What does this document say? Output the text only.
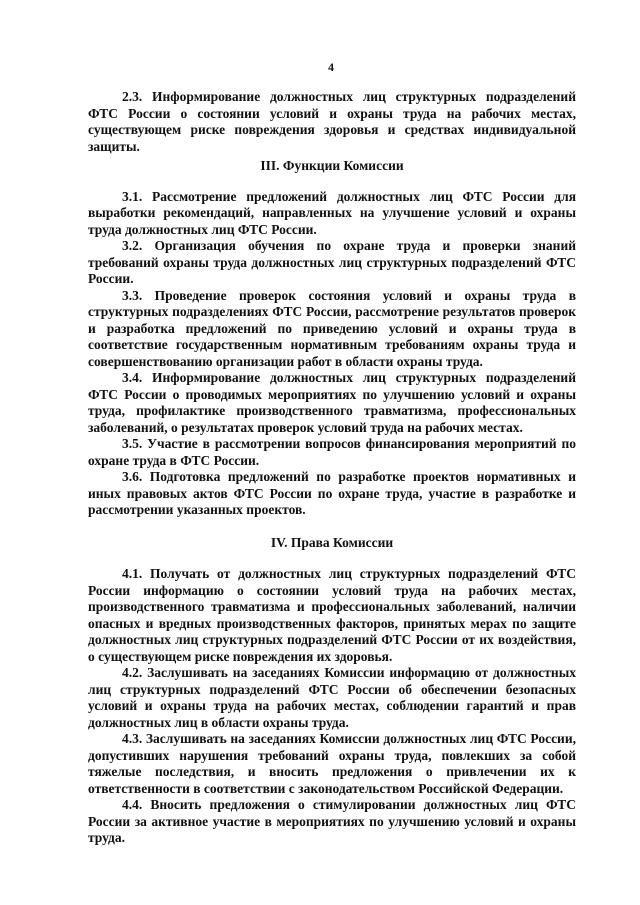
4

2.3. Информирование должностных лиц структурных подразделений ФТС России о состоянии условий и охраны труда на рабочих местах, существующем риске повреждения здоровья и средствах индивидуальной защиты.

III. Функции Комиссии

3.1. Рассмотрение предложений должностных лиц ФТС России для выработки рекомендаций, направленных на улучшение условий и охраны труда должностных лиц ФТС России.

3.2. Организация обучения по охране труда и проверки знаний требований охраны труда должностных лиц структурных подразделений ФТС России.

3.3. Проведение проверок состояния условий и охраны труда в структурных подразделениях ФТС России, рассмотрение результатов проверок и разработка предложений по приведению условий и охраны труда в соответствие государственным нормативным требованиям охраны труда и совершенствованию организации работ в области охраны труда.

3.4. Информирование должностных лиц структурных подразделений ФТС России о проводимых мероприятиях по улучшению условий и охраны труда, профилактике производственного травматизма, профессиональных заболеваний, о результатах проверок условий труда на рабочих местах.

3.5. Участие в рассмотрении вопросов финансирования мероприятий по охране труда в ФТС России.

3.6. Подготовка предложений по разработке проектов нормативных и иных правовых актов ФТС России по охране труда, участие в разработке и рассмотрении указанных проектов.

IV. Права Комиссии

4.1. Получать от должностных лиц структурных подразделений ФТС России информацию о состоянии условий труда на рабочих местах, производственного травматизма и профессиональных заболеваний, наличии опасных и вредных производственных факторов, принятых мерах по защите должностных лиц структурных подразделений ФТС России от их воздействия, о существующем риске повреждения их здоровья.

4.2. Заслушивать на заседаниях Комиссии информацию от должностных лиц структурных подразделений ФТС России об обеспечении безопасных условий и охраны труда на рабочих местах, соблюдении гарантий и прав должностных лиц в области охраны труда.

4.3. Заслушивать на заседаниях Комиссии должностных лиц ФТС России, допустивших нарушения требований охраны труда, повлекших за собой тяжелые последствия, и вносить предложения о привлечении их к ответственности в соответствии с законодательством Российской Федерации.

4.4. Вносить предложения о стимулировании должностных лиц ФТС России за активное участие в мероприятиях по улучшению условий и охраны труда.
